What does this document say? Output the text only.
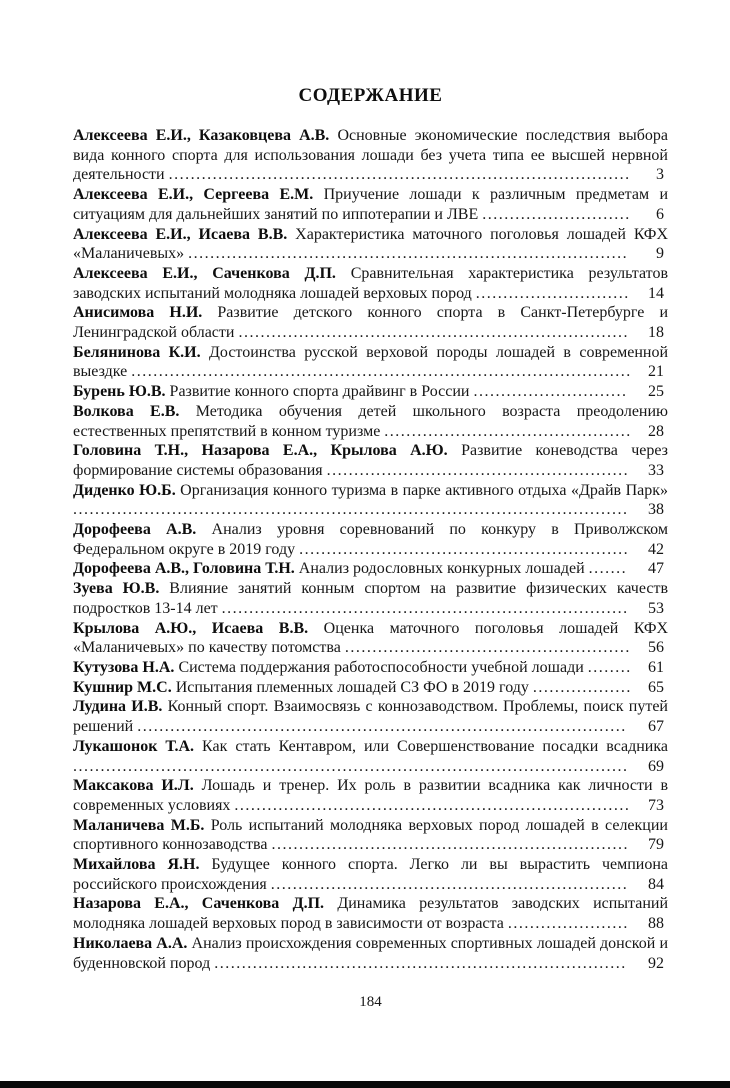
СОДЕРЖАНИЕ
Алексеева Е.И., Казаковцева А.В. Основные экономические последствия выбора вида конного спорта для использования лошади без учета типа ее высшей нервной деятельности .................................................................................... 3
Алексеева Е.И., Сергеева Е.М. Приучение лошади к различным предметам и ситуациям для дальнейших занятий по иппотерапии и ЛВЕ ........................... 6
Алексеева Е.И., Исаева В.В. Характеристика маточного поголовья лошадей КФХ «Маланичевых» ................................................................................ 9
Алексеева Е.И., Саченкова Д.П. Сравнительная характеристика результатов заводских испытаний молодняка лошадей верховых пород ............................ 14
Анисимова Н.И. Развитие детского конного спорта в Санкт-Петербурге и Ленинградской области ....................................................................... 18
Белянинова К.И. Достоинства русской верховой породы лошадей в современной выездке ........................................................................................... 21
Бурень Ю.В. Развитие конного спорта драйвинг в России ............................ 25
Волкова Е.В. Методика обучения детей школьного возраста преодолению естественных препятствий в конном туризме ............................................. 28
Головина Т.Н., Назарова Е.А., Крылова А.Ю. Развитие коневодства через формирование системы образования ....................................................... 33
Диденко Ю.Б. Организация конного туризма в парке активного отдыха «Драйв Парк» ..................................................................................................... 38
Дорофеева А.В. Анализ уровня соревнований по конкуру в Приволжском Федеральном округе в 2019 году ............................................................ 42
Дорофеева А.В., Головина Т.Н. Анализ родословных конкурных лошадей ....... 47
Зуева Ю.В. Влияние занятий конным спортом на развитие физических качеств подростков 13-14 лет .......................................................................... 53
Крылова А.Ю., Исаева В.В. Оценка маточного поголовья лошадей КФХ «Маланичевых» по качеству потомства .................................................... 56
Кутузова Н.А. Система поддержания работоспособности учебной лошади ........ 61
Кушнир М.С. Испытания племенных лошадей СЗ ФО в 2019 году .................. 65
Лудина И.В. Конный спорт. Взаимосвязь с коннозаводством. Проблемы, поиск путей решений ......................................................................................... 67
Лукашонок Т.А. Как стать Кентавром, или Совершенствование посадки всадника ..................................................................................................... 69
Максакова И.Л. Лошадь и тренер. Их роль в развитии всадника как личности в современных условиях ........................................................................ 73
Маланичева М.Б. Роль испытаний молодняка верховых пород лошадей в селекции спортивного коннозаводства ................................................................. 79
Михайлова Я.Н. Будущее конного спорта. Легко ли вы вырастить чемпиона российского происхождения ................................................................. 84
Назарова Е.А., Саченкова Д.П. Динамика результатов заводских испытаний молодняка лошадей верховых пород в зависимости от возраста ...................... 88
Николаева А.А. Анализ происхождения современных спортивных лошадей донской и буденновской пород ........................................................................... 92
184
